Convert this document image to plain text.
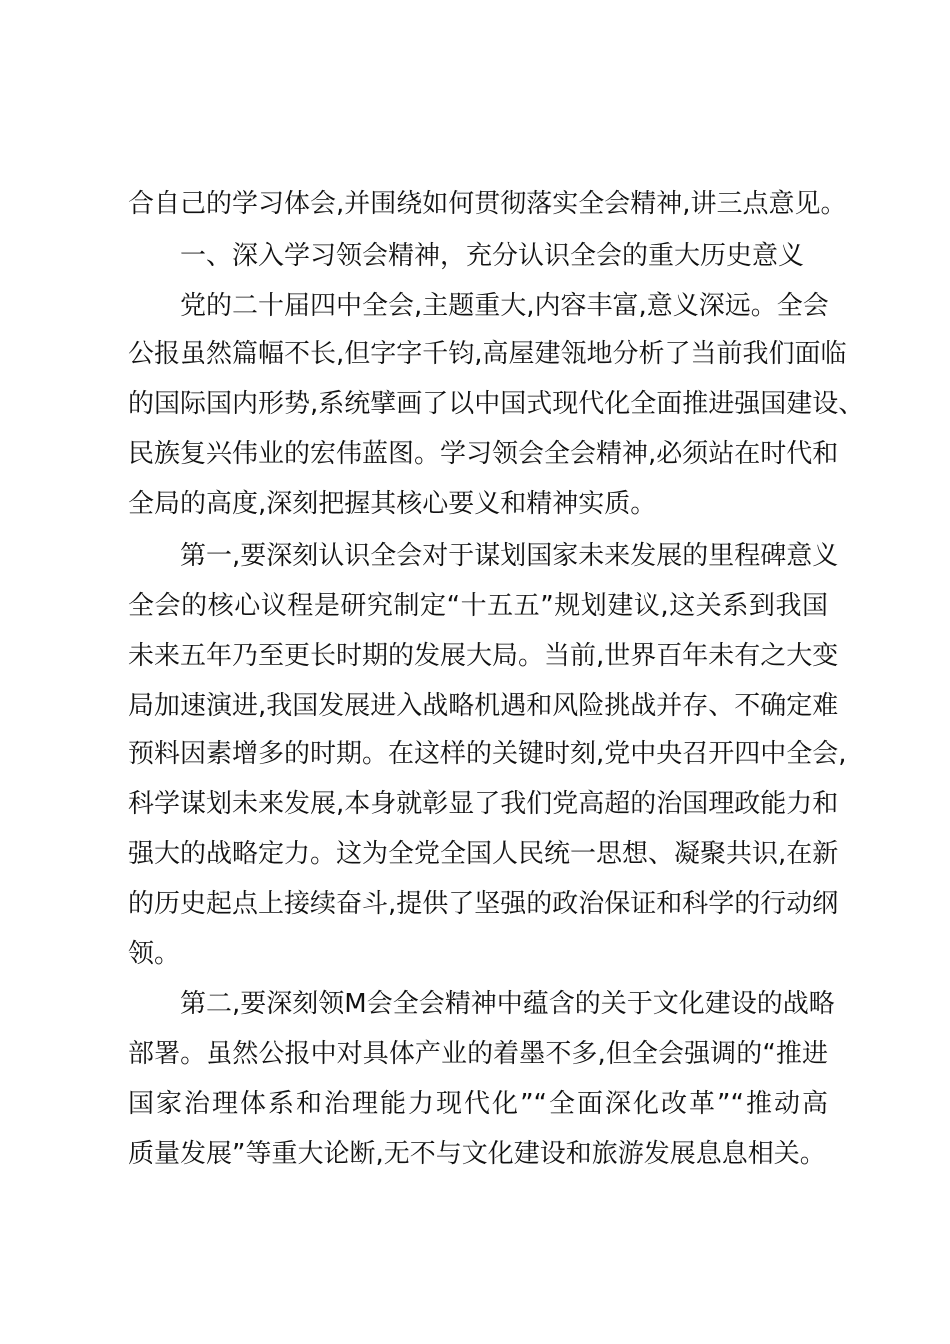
合自己的学习体会,并围绕如何贯彻落实全会精神,讲三点意见。
一、深入学习领会精神，充分认识全会的重大历史意义
党的二十届四中全会,主题重大,内容丰富,意义深远。全会
公报虽然篇幅不长,但字字千钧,高屋建瓴地分析了当前我们面临
的国际国内形势,系统擘画了以中国式现代化全面推进强国建设、
民族复兴伟业的宏伟蓝图。学习领会全会精神,必须站在时代和
全局的高度,深刻把握其核心要义和精神实质。
第一,要深刻认识全会对于谋划国家未来发展的里程碑意义
全会的核心议程是研究制定“十五五”规划建议,这关系到我国
未来五年乃至更长时期的发展大局。当前,世界百年未有之大变
局加速演进,我国发展进入战略机遇和风险挑战并存、不确定难
预料因素增多的时期。在这样的关键时刻,党中央召开四中全会,
科学谋划未来发展,本身就彰显了我们党高超的治国理政能力和
强大的战略定力。这为全党全国人民统一思想、凝聚共识,在新
的历史起点上接续奋斗,提供了坚强的政治保证和科学的行动纲
领。
第二,要深刻领M会全会精神中蕴含的关于文化建设的战略
部署。虽然公报中对具体产业的着墨不多,但全会强调的“推进
国家治理体系和治理能力现代化”“全面深化改革”“推动高
质量发展”等重大论断,无不与文化建设和旅游发展息息相关。
